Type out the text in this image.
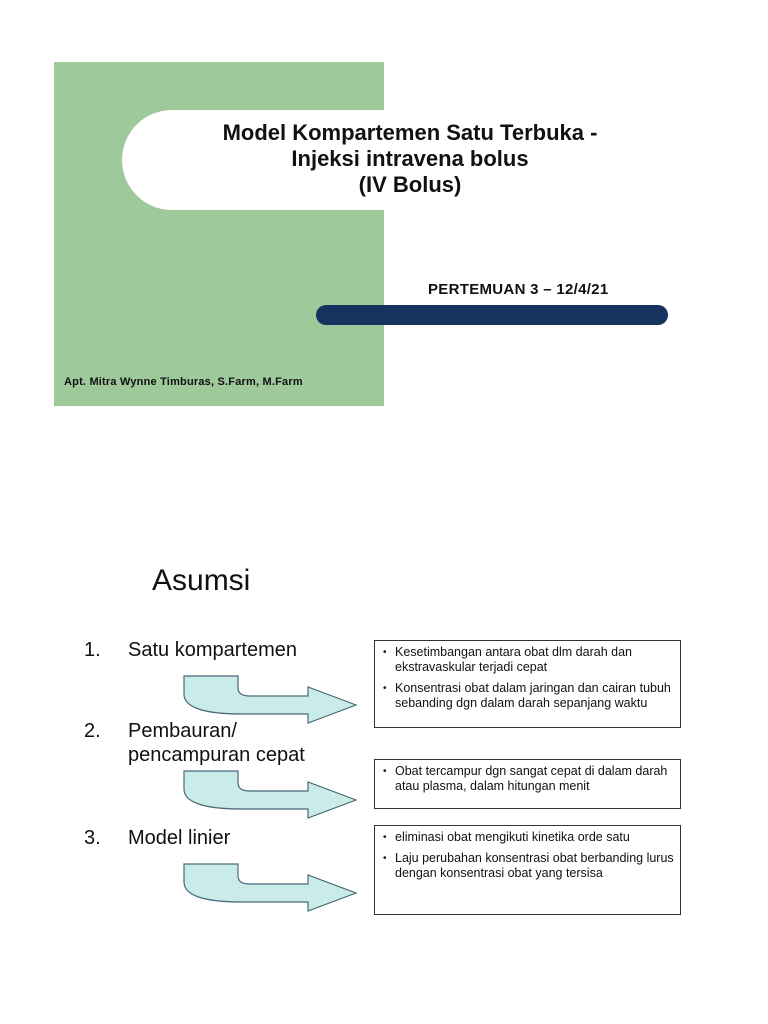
Model Kompartemen Satu Terbuka -
Injeksi intravena bolus
(IV Bolus)
PERTEMUAN 3 – 12/4/21
Apt. Mitra Wynne Timburas, S.Farm, M.Farm
Asumsi
1. Satu kompartemen	• Kesetimbangan antara obat dlm darah dan ekstravaskular terjadi cepat
• Konsentrasi obat dalam jaringan dan cairan tubuh sebanding dgn dalam darah sepanjang waktu
2. Pembauran/
pencampuran cepat
• Obat tercampur dgn sangat cepat di dalam darah atau plasma, dalam hitungan menit
3. Model linier	• eliminasi obat mengikuti kinetika orde satu
• Laju perubahan konsentrasi obat berbanding lurus dengan konsentrasi obat yang tersisa
